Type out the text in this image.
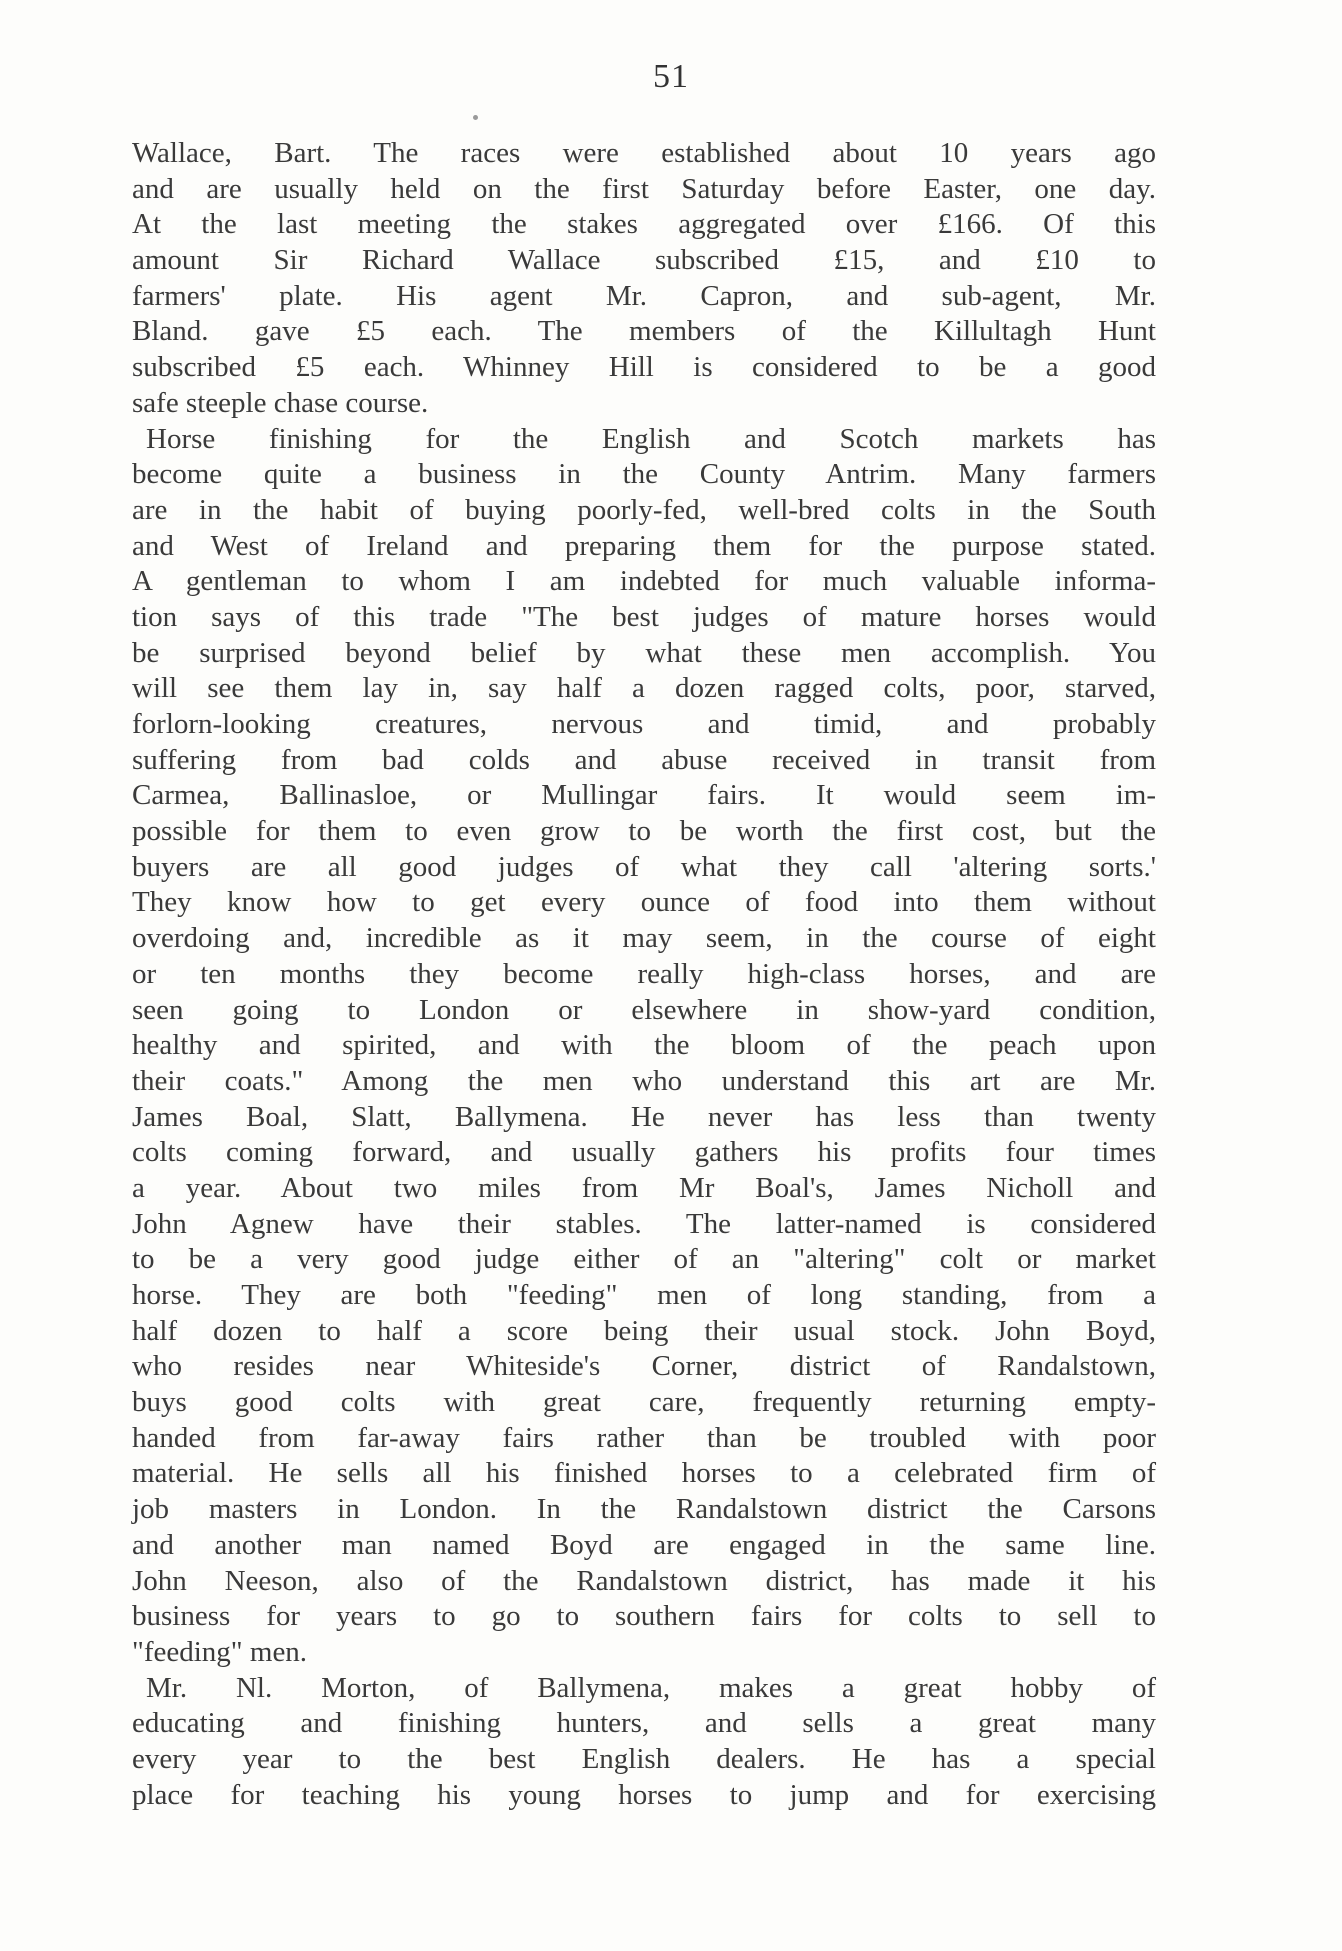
51
Wallace, Bart. The races were established about 10 years ago
and are usually held on the first Saturday before Easter, one day.
At the last meeting the stakes aggregated over £166. Of this
amount Sir Richard Wallace subscribed £15, and £10 to
farmers' plate. His agent Mr. Capron, and sub-agent, Mr.
Bland. gave £5 each. The members of the Killultagh Hunt
subscribed £5 each. Whinney Hill is considered to be a good
safe steeple chase course.
Horse finishing for the English and Scotch markets has
become quite a business in the County Antrim. Many farmers
are in the habit of buying poorly-fed, well-bred colts in the South
and West of Ireland and preparing them for the purpose stated.
A gentleman to whom I am indebted for much valuable informa-
tion says of this trade "The best judges of mature horses would
be surprised beyond belief by what these men accomplish. You
will see them lay in, say half a dozen ragged colts, poor, starved,
forlorn-looking creatures, nervous and timid, and probably
suffering from bad colds and abuse received in transit from
Carmea, Ballinasloe, or Mullingar fairs. It would seem im-
possible for them to even grow to be worth the first cost, but the
buyers are all good judges of what they call 'altering sorts.'
They know how to get every ounce of food into them without
overdoing and, incredible as it may seem, in the course of eight
or ten months they become really high-class horses, and are
seen going to London or elsewhere in show-yard condition,
healthy and spirited, and with the bloom of the peach upon
their coats." Among the men who understand this art are Mr.
James Boal, Slatt, Ballymena. He never has less than twenty
colts coming forward, and usually gathers his profits four times
a year. About two miles from Mr Boal's, James Nicholl and
John Agnew have their stables. The latter-named is considered
to be a very good judge either of an "altering" colt or market
horse. They are both "feeding" men of long standing, from a
half dozen to half a score being their usual stock. John Boyd,
who resides near Whiteside's Corner, district of Randalstown,
buys good colts with great care, frequently returning empty-
handed from far-away fairs rather than be troubled with poor
material. He sells all his finished horses to a celebrated firm of
job masters in London. In the Randalstown district the Carsons
and another man named Boyd are engaged in the same line.
John Neeson, also of the Randalstown district, has made it his
business for years to go to southern fairs for colts to sell to
"feeding" men.
Mr. Nl. Morton, of Ballymena, makes a great hobby of
educating and finishing hunters, and sells a great many
every year to the best English dealers. He has a special
place for teaching his young horses to jump and for exercising
